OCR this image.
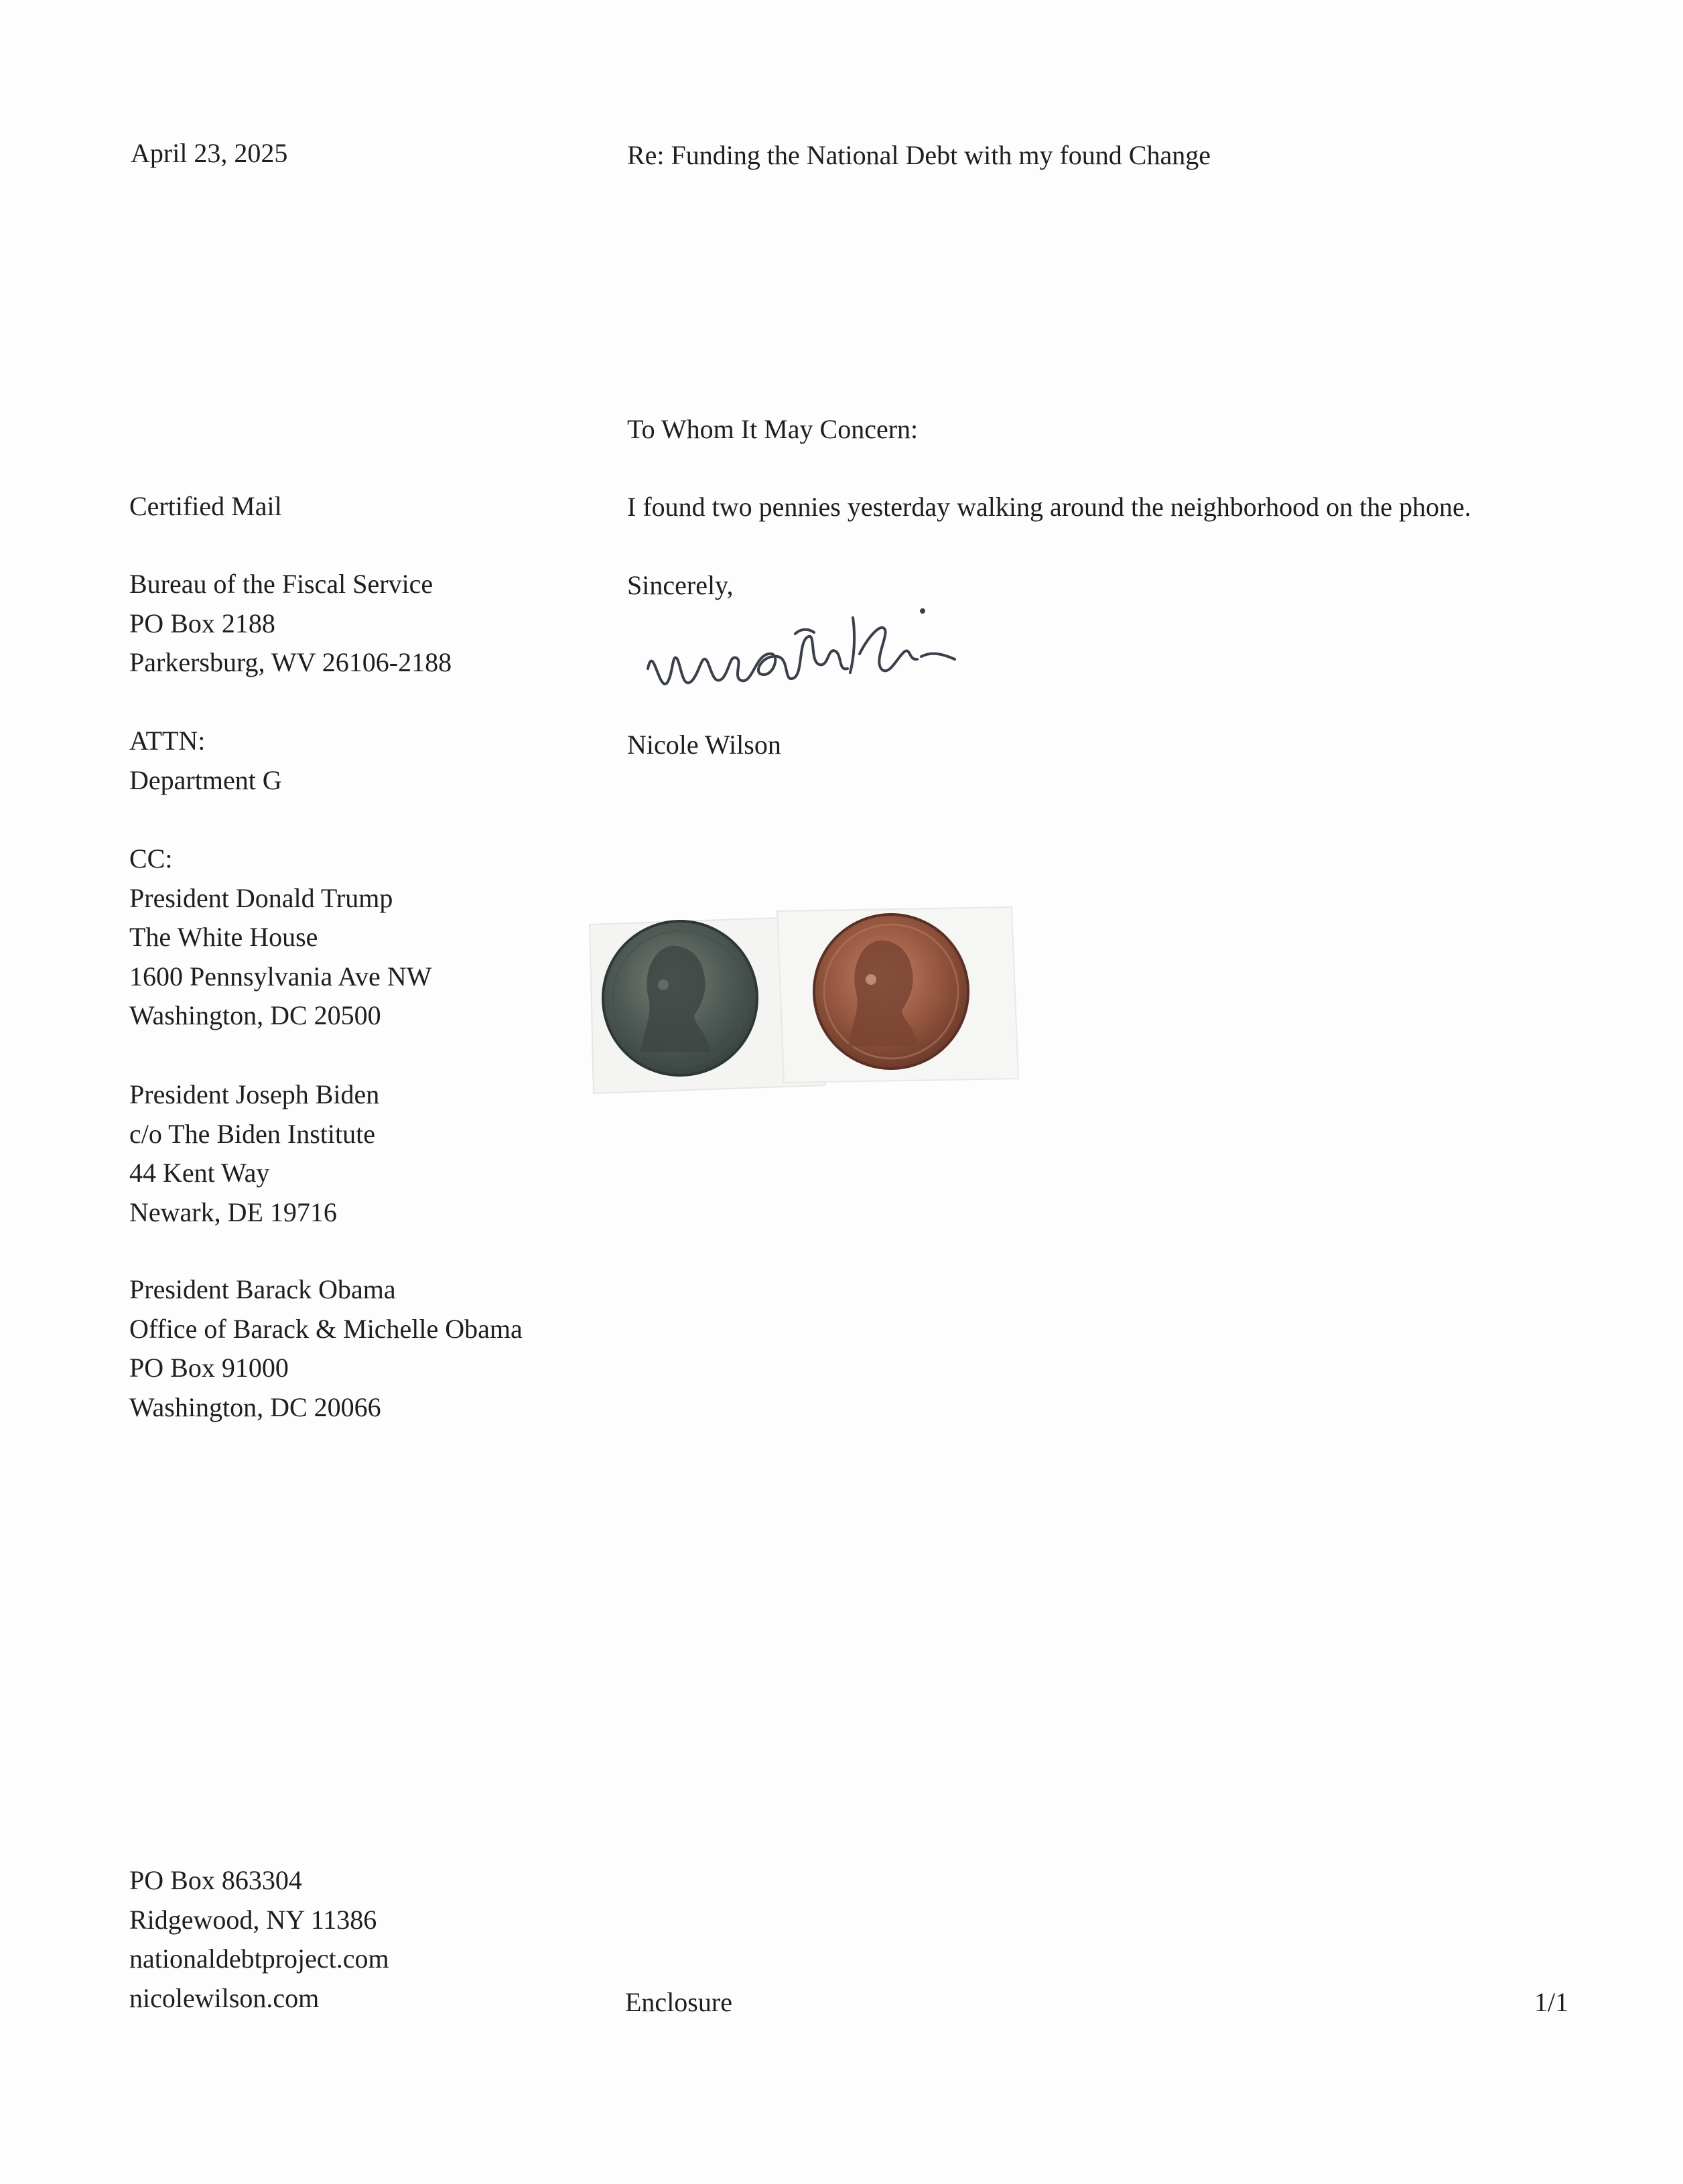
April 23, 2025	Re: Funding the National Debt with my found Change

To Whom It May Concern:

I found two pennies yesterday walking around the neighborhood on the phone.

Sincerely,

Nicole Wilson

Certified Mail

Bureau of the Fiscal Service
PO Box 2188
Parkersburg, WV 26106-2188
ATTN:
Department G
CC:
President Donald Trump
The White House
1600 Pennsylvania Ave NW
Washington, DC 20500
President Joseph Biden
c/o The Biden Institute
44 Kent Way
Newark, DE 19716
President Barack Obama
Office of Barack & Michelle Obama
PO Box 91000
Washington, DC 20066
PO Box 863304
Ridgewood, NY 11386
nationaldebtproject.com
nicolewilson.com	Enclosure	1/1
